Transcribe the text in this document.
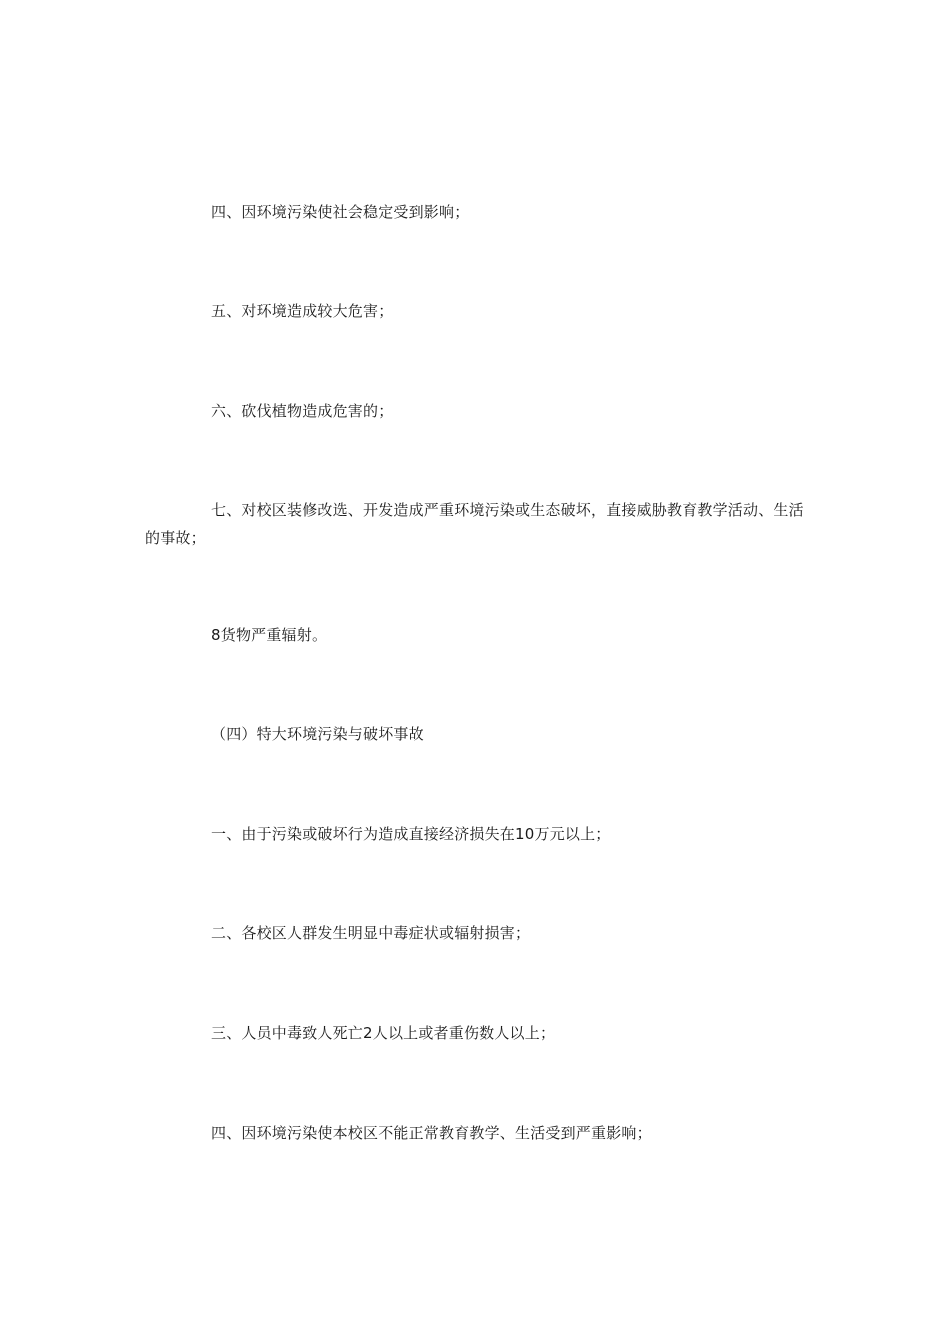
四、因环境污染使社会稳定受到影响；

五、对环境造成较大危害；

六、砍伐植物造成危害的；

七、对校区装修改选、开发造成严重环境污染或生态破坏，直接威胁教育教学活动、生活的事故；

8货物严重辐射。

（四）特大环境污染与破坏事故

一、由于污染或破坏行为造成直接经济损失在10万元以上；

二、各校区人群发生明显中毒症状或辐射损害；

三、人员中毒致人死亡2人以上或者重伤数人以上；

四、因环境污染使本校区不能正常教育教学、生活受到严重影响；
